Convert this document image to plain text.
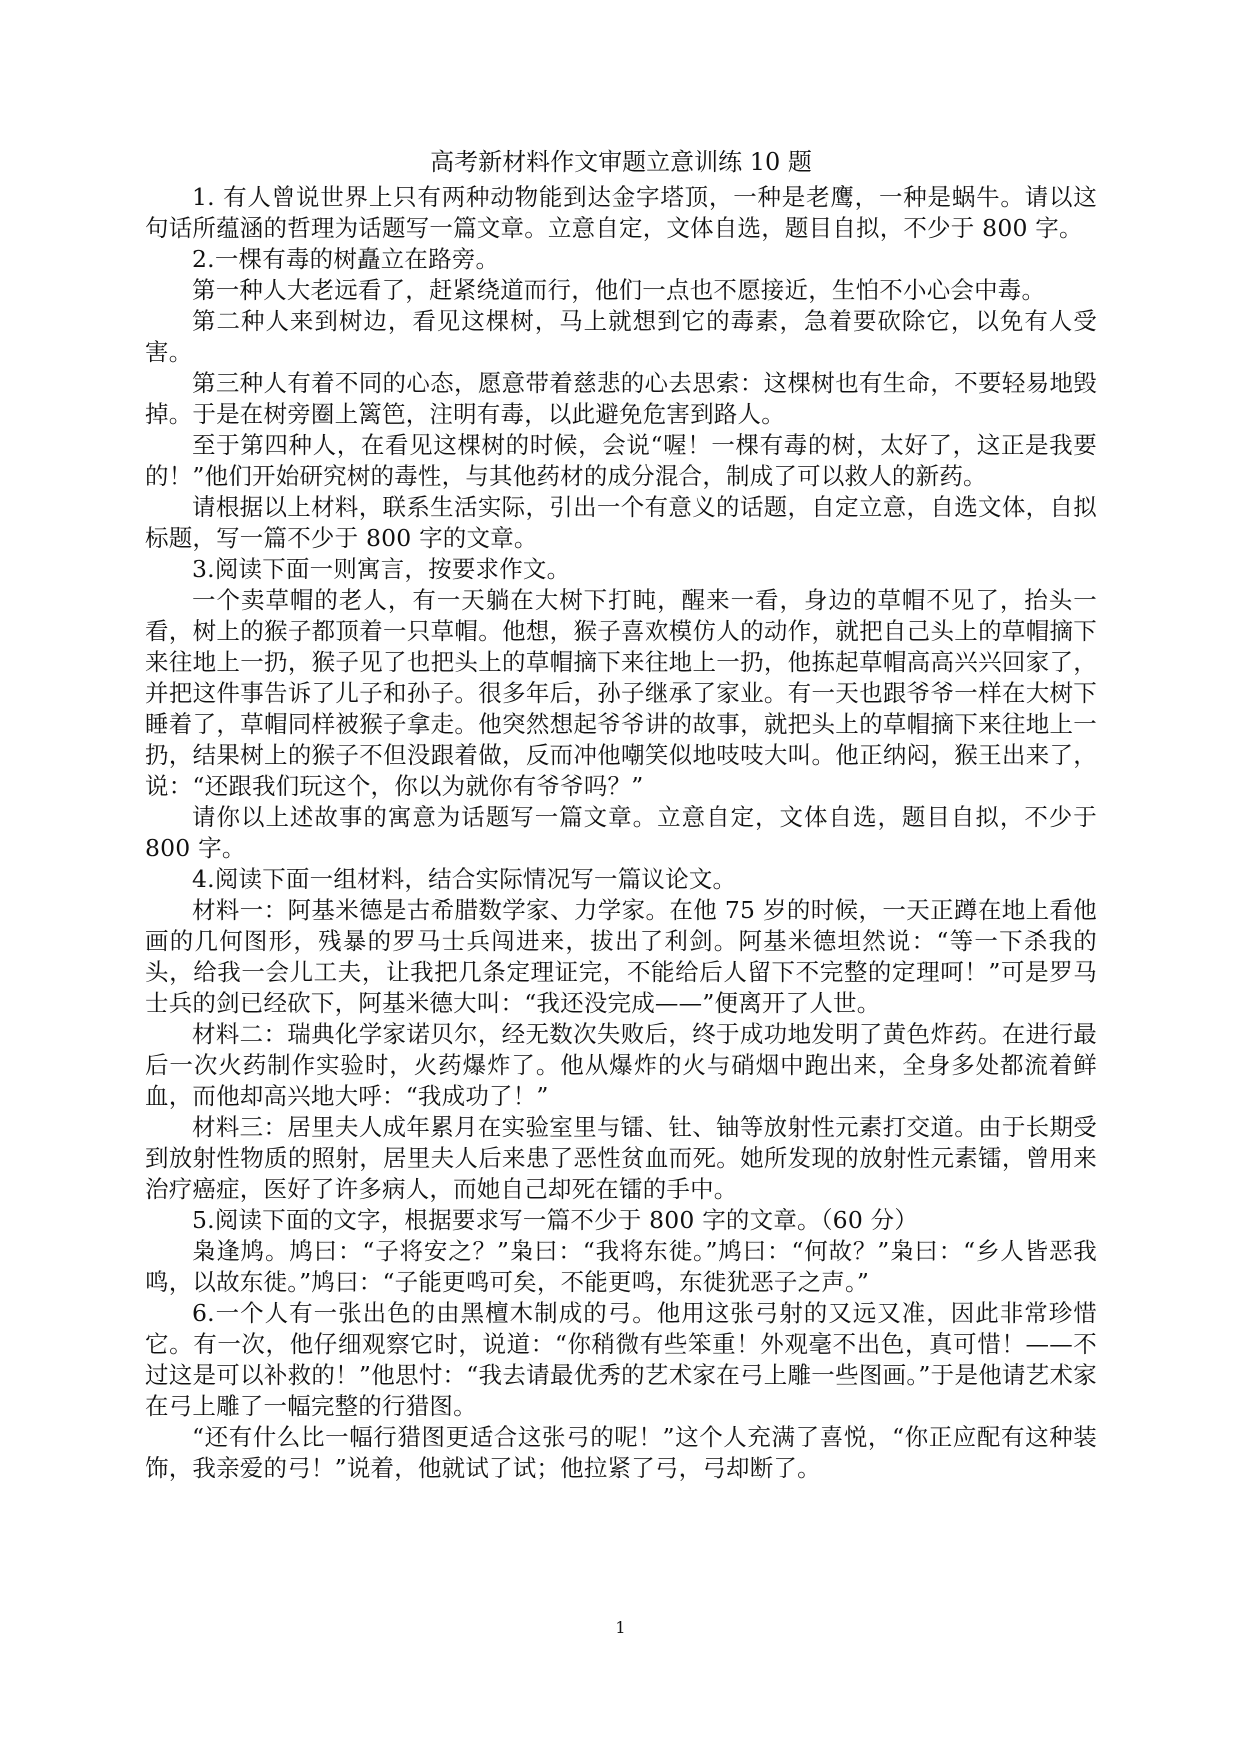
高考新材料作文审题立意训练 10 题

1. 有人曾说世界上只有两种动物能到达金字塔顶，一种是老鹰，一种是蜗牛。请以这句话所蕴涵的哲理为话题写一篇文章。立意自定，文体自选，题目自拟，不少于 800 字。

2.一棵有毒的树矗立在路旁。

第一种人大老远看了，赶紧绕道而行，他们一点也不愿接近，生怕不小心会中毒。

第二种人来到树边，看见这棵树，马上就想到它的毒素，急着要砍除它，以免有人受害。

第三种人有着不同的心态，愿意带着慈悲的心去思索：这棵树也有生命，不要轻易地毁掉。于是在树旁圈上篱笆，注明有毒，以此避免危害到路人。

至于第四种人，在看见这棵树的时候，会说“喔！一棵有毒的树，太好了，这正是我要的！”他们开始研究树的毒性，与其他药材的成分混合，制成了可以救人的新药。

请根据以上材料，联系生活实际，引出一个有意义的话题，自定立意，自选文体，自拟标题，写一篇不少于 800 字的文章。

3.阅读下面一则寓言，按要求作文。

一个卖草帽的老人，有一天躺在大树下打盹，醒来一看，身边的草帽不见了，抬头一看，树上的猴子都顶着一只草帽。他想，猴子喜欢模仿人的动作，就把自己头上的草帽摘下来往地上一扔，猴子见了也把头上的草帽摘下来往地上一扔，他拣起草帽高高兴兴回家了，并把这件事告诉了儿子和孙子。很多年后，孙子继承了家业。有一天也跟爷爷一样在大树下睡着了，草帽同样被猴子拿走。他突然想起爷爷讲的故事，就把头上的草帽摘下来往地上一扔，结果树上的猴子不但没跟着做，反而冲他嘲笑似地吱吱大叫。他正纳闷，猴王出来了，说：“还跟我们玩这个，你以为就你有爷爷吗？”

请你以上述故事的寓意为话题写一篇文章。立意自定，文体自选，题目自拟，不少于 800 字。

4.阅读下面一组材料，结合实际情况写一篇议论文。

材料一：阿基米德是古希腊数学家、力学家。在他 75 岁的时候，一天正蹲在地上看他画的几何图形，残暴的罗马士兵闯进来，拔出了利剑。阿基米德坦然说：“等一下杀我的头，给我一会儿工夫，让我把几条定理证完，不能给后人留下不完整的定理呵！”可是罗马士兵的剑已经砍下，阿基米德大叫：“我还没完成——”便离开了人世。

材料二：瑞典化学家诺贝尔，经无数次失败后，终于成功地发明了黄色炸药。在进行最后一次火药制作实验时，火药爆炸了。他从爆炸的火与硝烟中跑出来，全身多处都流着鲜血，而他却高兴地大呼：“我成功了！”

材料三：居里夫人成年累月在实验室里与镭、钍、铀等放射性元素打交道。由于长期受到放射性物质的照射，居里夫人后来患了恶性贫血而死。她所发现的放射性元素镭，曾用来治疗癌症，医好了许多病人，而她自己却死在镭的手中。

5.阅读下面的文字，根据要求写一篇不少于 800 字的文章。（60 分）

枭逢鸠。鸠曰：“子将安之？”枭曰：“我将东徙。”鸠曰：“何故？”枭曰：“乡人皆恶我鸣，以故东徙。”鸠曰：“子能更鸣可矣，不能更鸣，东徙犹恶子之声。”

6.一个人有一张出色的由黑檀木制成的弓。他用这张弓射的又远又准，因此非常珍惜它。有一次，他仔细观察它时，说道：“你稍微有些笨重！外观毫不出色，真可惜！——不过这是可以补救的！”他思忖：“我去请最优秀的艺术家在弓上雕一些图画。”于是他请艺术家在弓上雕了一幅完整的行猎图。

“还有什么比一幅行猎图更适合这张弓的呢！”这个人充满了喜悦，“你正应配有这种装饰，我亲爱的弓！”说着，他就试了试；他拉紧了弓，弓却断了。

1
